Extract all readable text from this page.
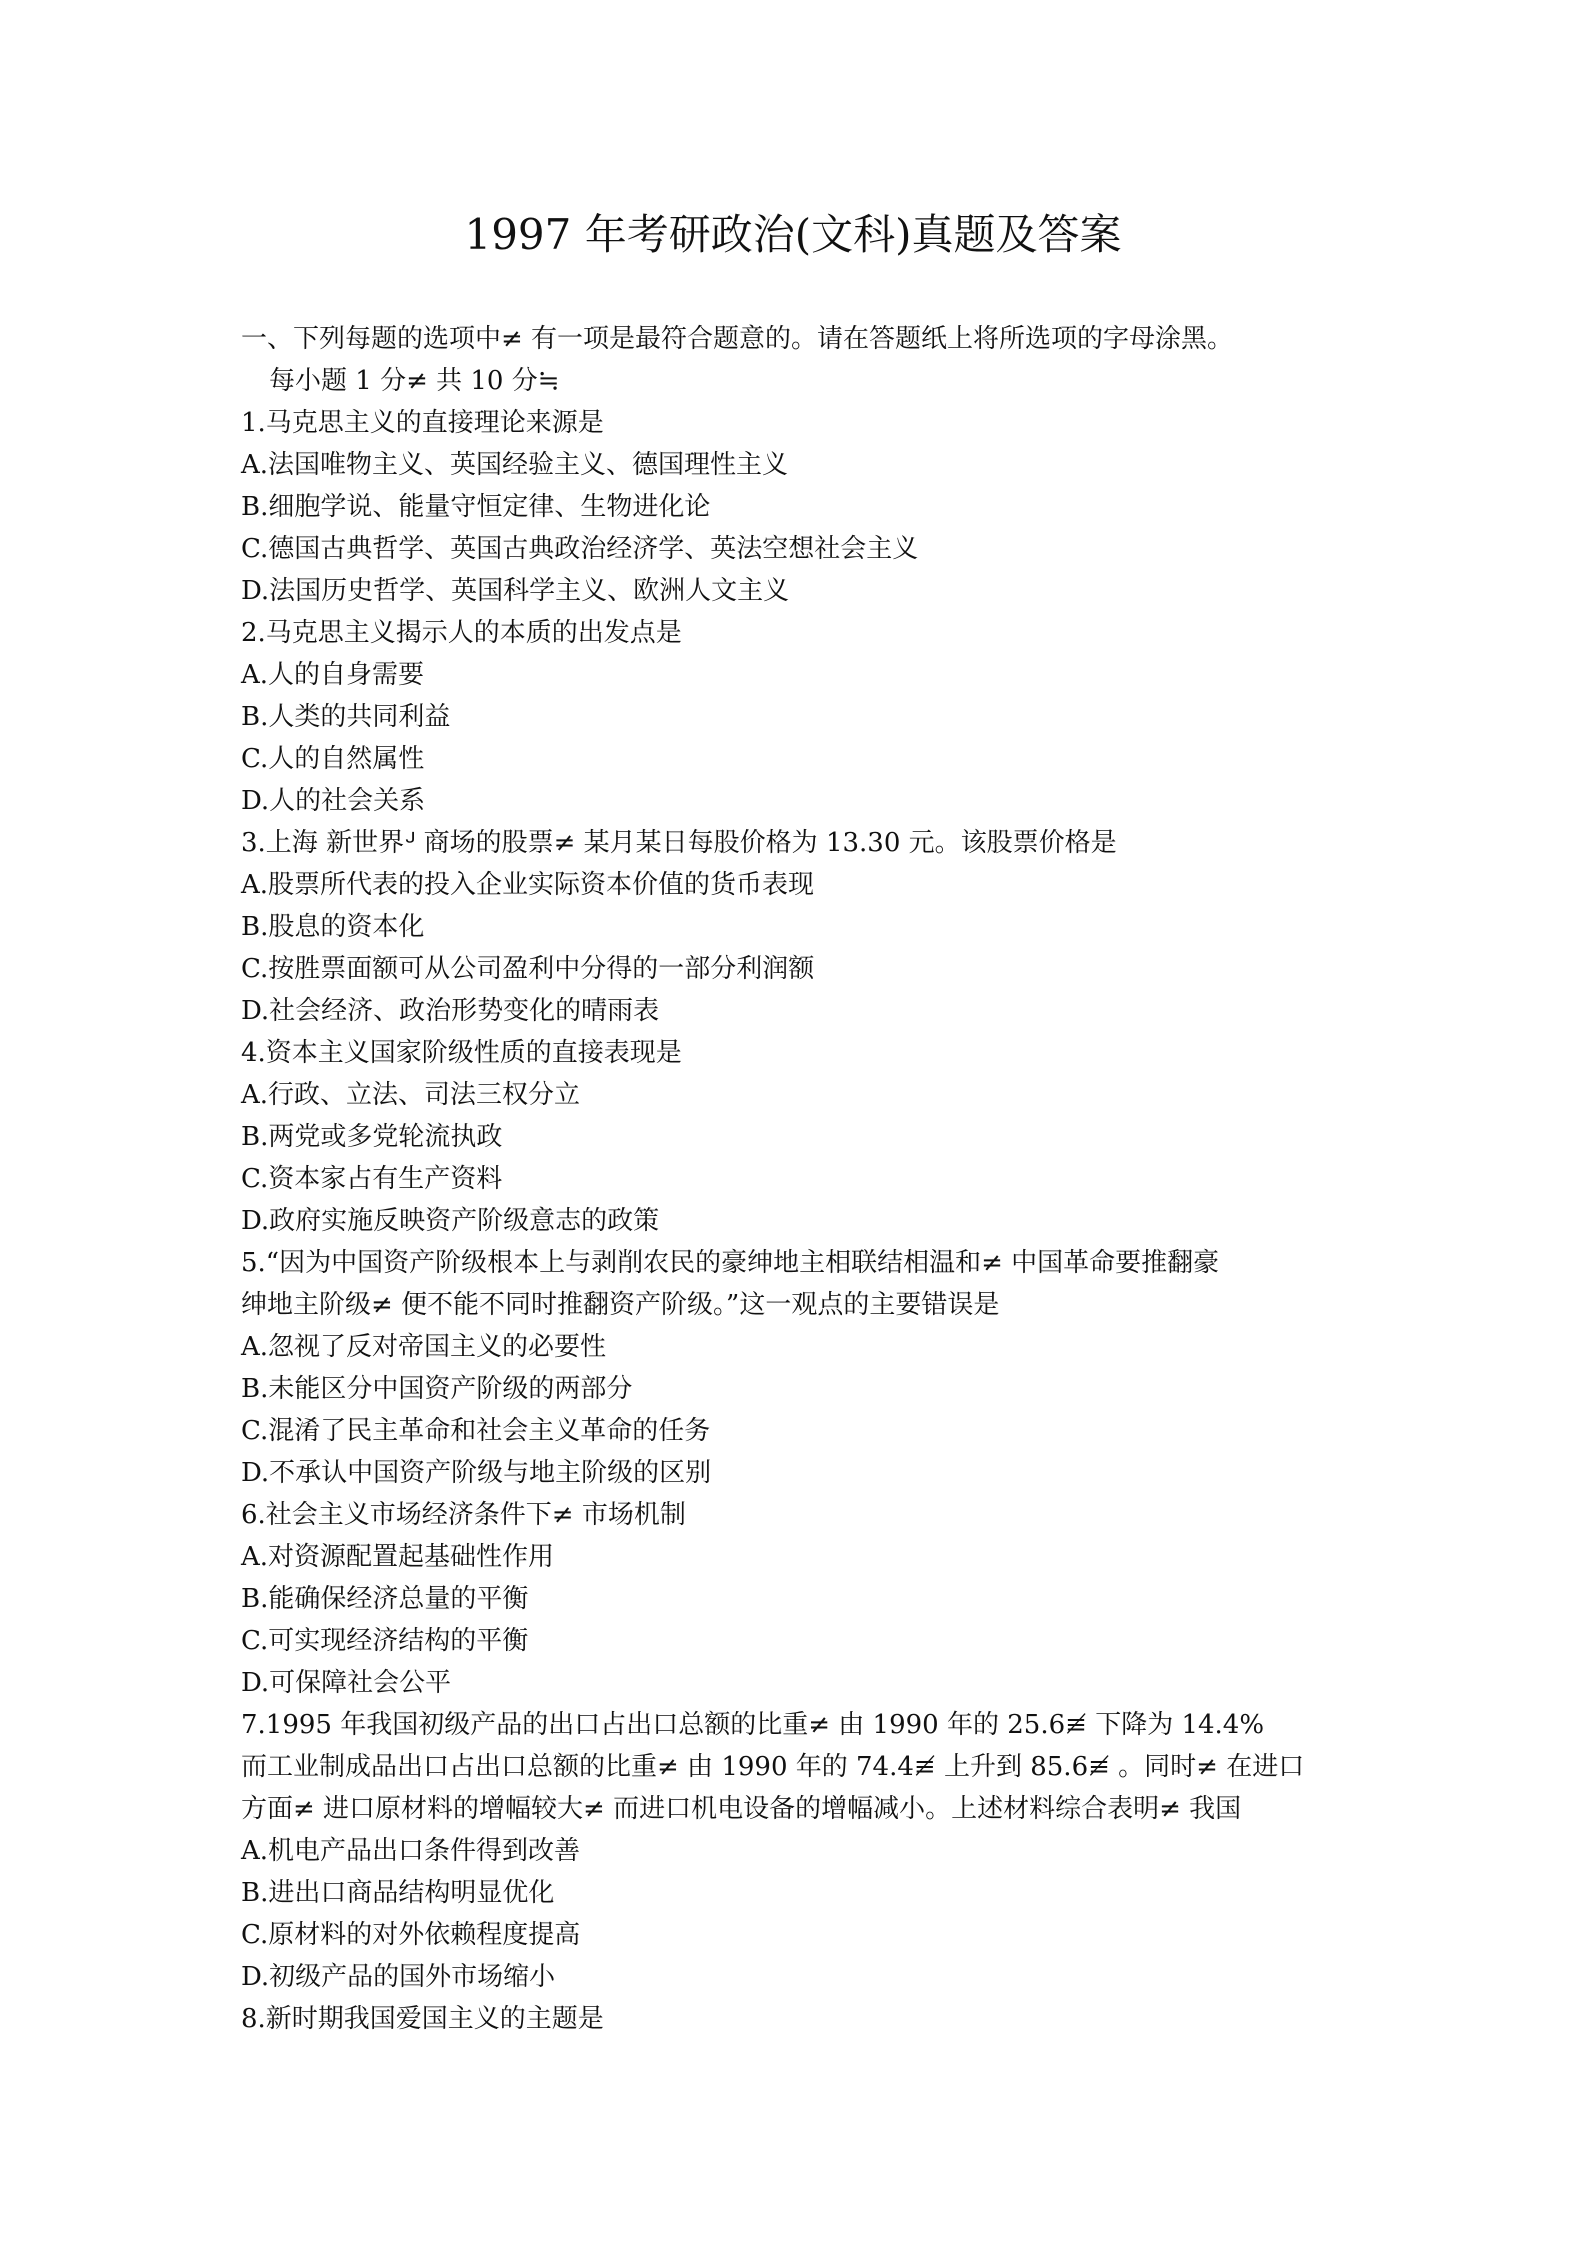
1997 年考研政治(文科)真题及答案
一、下列每题的选项中≠ 有一项是最符合题意的。请在答题纸上将所选项的字母涂黑。
每小题 1 分≠ 共 10 分≒
1.马克思主义的直接理论来源是
A.法国唯物主义、英国经验主义、德国理性主义
B.细胞学说、能量守恒定律、生物进化论
C.德国古典哲学、英国古典政治经济学、英法空想社会主义
D.法国历史哲学、英国科学主义、欧洲人文主义
2.马克思主义揭示人的本质的出发点是
A.人的自身需要
B.人类的共同利益
C.人的自然属性
D.人的社会关系
3.上海 新世界ᒢ 商场的股票≠ 某月某日每股价格为 13.30 元。该股票价格是
A.股票所代表的投入企业实际资本价值的货币表现
B.股息的资本化
C.按胜票面额可从公司盈利中分得的一部分利润额
D.社会经济、政治形势变化的晴雨表
4.资本主义国家阶级性质的直接表现是
A.行政、立法、司法三权分立
B.两党或多党轮流执政
C.资本家占有生产资料
D.政府实施反映资产阶级意志的政策
5.“因为中国资产阶级根本上与剥削农民的豪绅地主相联结相温和≠ 中国革命要推翻豪
绅地主阶级≠ 便不能不同时推翻资产阶级。”这一观点的主要错误是
A.忽视了反对帝国主义的必要性
B.未能区分中国资产阶级的两部分
C.混淆了民主革命和社会主义革命的任务
D.不承认中国资产阶级与地主阶级的区别
6.社会主义市场经济条件下≠ 市场机制
A.对资源配置起基础性作用
B.能确保经济总量的平衡
C.可实现经济结构的平衡
D.可保障社会公平
7.1995 年我国初级产品的出口占出口总额的比重≠ 由 1990 年的 25.6≢ 下降为 14.4%
而工业制成品出口占出口总额的比重≠ 由 1990 年的 74.4≢ 上升到 85.6≢ 。同时≠ 在进口
方面≠ 进口原材料的增幅较大≠ 而进口机电设备的增幅减小。上述材料综合表明≠ 我国
A.机电产品出口条件得到改善
B.进出口商品结构明显优化
C.原材料的对外依赖程度提高
D.初级产品的国外市场缩小
8.新时期我国爱国主义的主题是
